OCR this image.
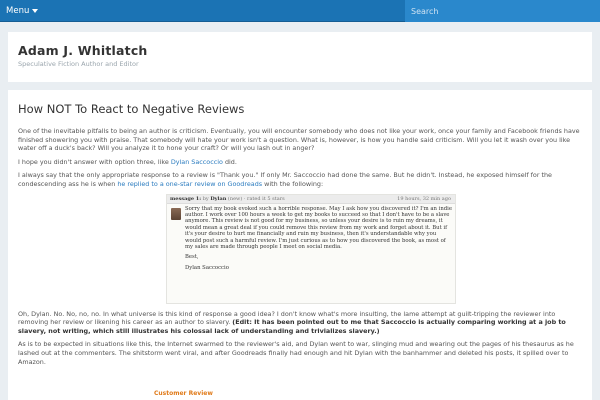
Menu
Search
Adam J. Whitlatch
Speculative Fiction Author and Editor
How NOT To React to Negative Reviews

One of the inevitable pitfalls to being an author is criticism. Eventually, you will encounter somebody who does not like your work, once your family and Facebook friends have finished showering you with praise. That somebody will hate your work isn't a question. What is, however, is how you handle said criticism. Will you let it wash over you like water off a duck's back? Will you analyze it to hone your craft? Or will you lash out in anger?

I hope you didn't answer with option three, like Dylan Saccoccio did.

I always say that the only appropriate response to a review is "Thank you." If only Mr. Saccoccio had done the same. But he didn't. Instead, he exposed himself for the condescending ass he is when he replied to a one-star review on Goodreads with the following:

message 1: by Dylan (new) · rated it 5 stars	19 hours, 32 min ago

Sorry that my book evoked such a horrible response. May I ask how you discovered it? I'm an indie author. I work over 100 hours a week to get my books to succeed so that I don't have to be a slave anymore. This review is not good for my business, so unless your desire is to ruin my dreams, it would mean a great deal if you could remove this review from my work and forget about it. But if it's your desire to hurt me financially and ruin my business, then it's understandable why you would post such a harmful review. I'm just curious as to how you discovered the book, as most of my sales are made through people I meet on social media.

Best,

Dylan Saccoccio

Oh, Dylan. No. No, no, no. In what universe is this kind of response a good idea? I don't know what's more insulting, the lame attempt at guilt-tripping the reviewer into removing her review or likening his career as an author to slavery. (Edit: It has been pointed out to me that Saccoccio is actually comparing working at a job to slavery, not writing, which still illustrates his colossal lack of understanding and trivializes slavery.)

As is to be expected in situations like this, the Internet swarmed to the reviewer's aid, and Dylan went to war, slinging mud and wearing out the pages of his thesaurus as he lashed out at the commenters. The shitstorm went viral, and after Goodreads finally had enough and hit Dylan with the banhammer and deleted his posts, it spilled over to Amazon.

Customer Review
